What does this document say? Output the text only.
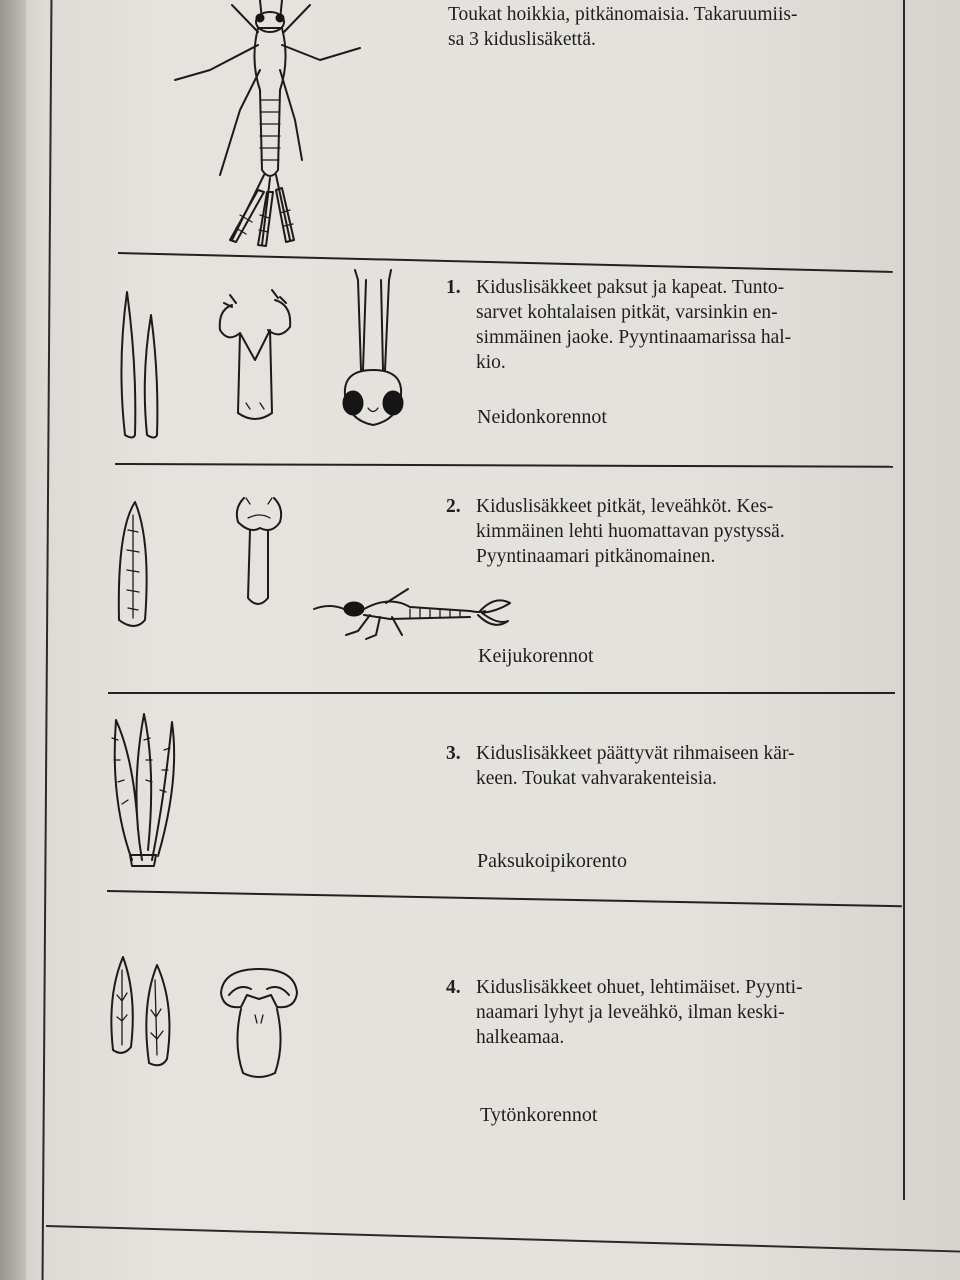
Toukat hoikkia, pitkänomaisia. Takaruumiis-
sa 3 kiduslisäkettä.
1. Kiduslisäkkeet paksut ja kapeat. Tunto-
sarvet kohtalaisen pitkät, varsinkin en-
simmäinen jaoke. Pyyntinaamarissa hal-
kio.
Neidonkorennot
2. Kiduslisäkkeet pitkät, leveähköt. Kes-
kimmäinen lehti huomattavan pystyssä.
Pyyntinaamari pitkänomainen.
Keijukorennot
3. Kiduslisäkkeet päättyvät rihmaiseen kär-
keen. Toukat vahvarakenteisia.
Paksukoipikorento
4. Kiduslisäkkeet ohuet, lehtimäiset. Pyynti-
naamari lyhyt ja leveähkö, ilman keski-
halkeamaa.
Tytönkorennot
